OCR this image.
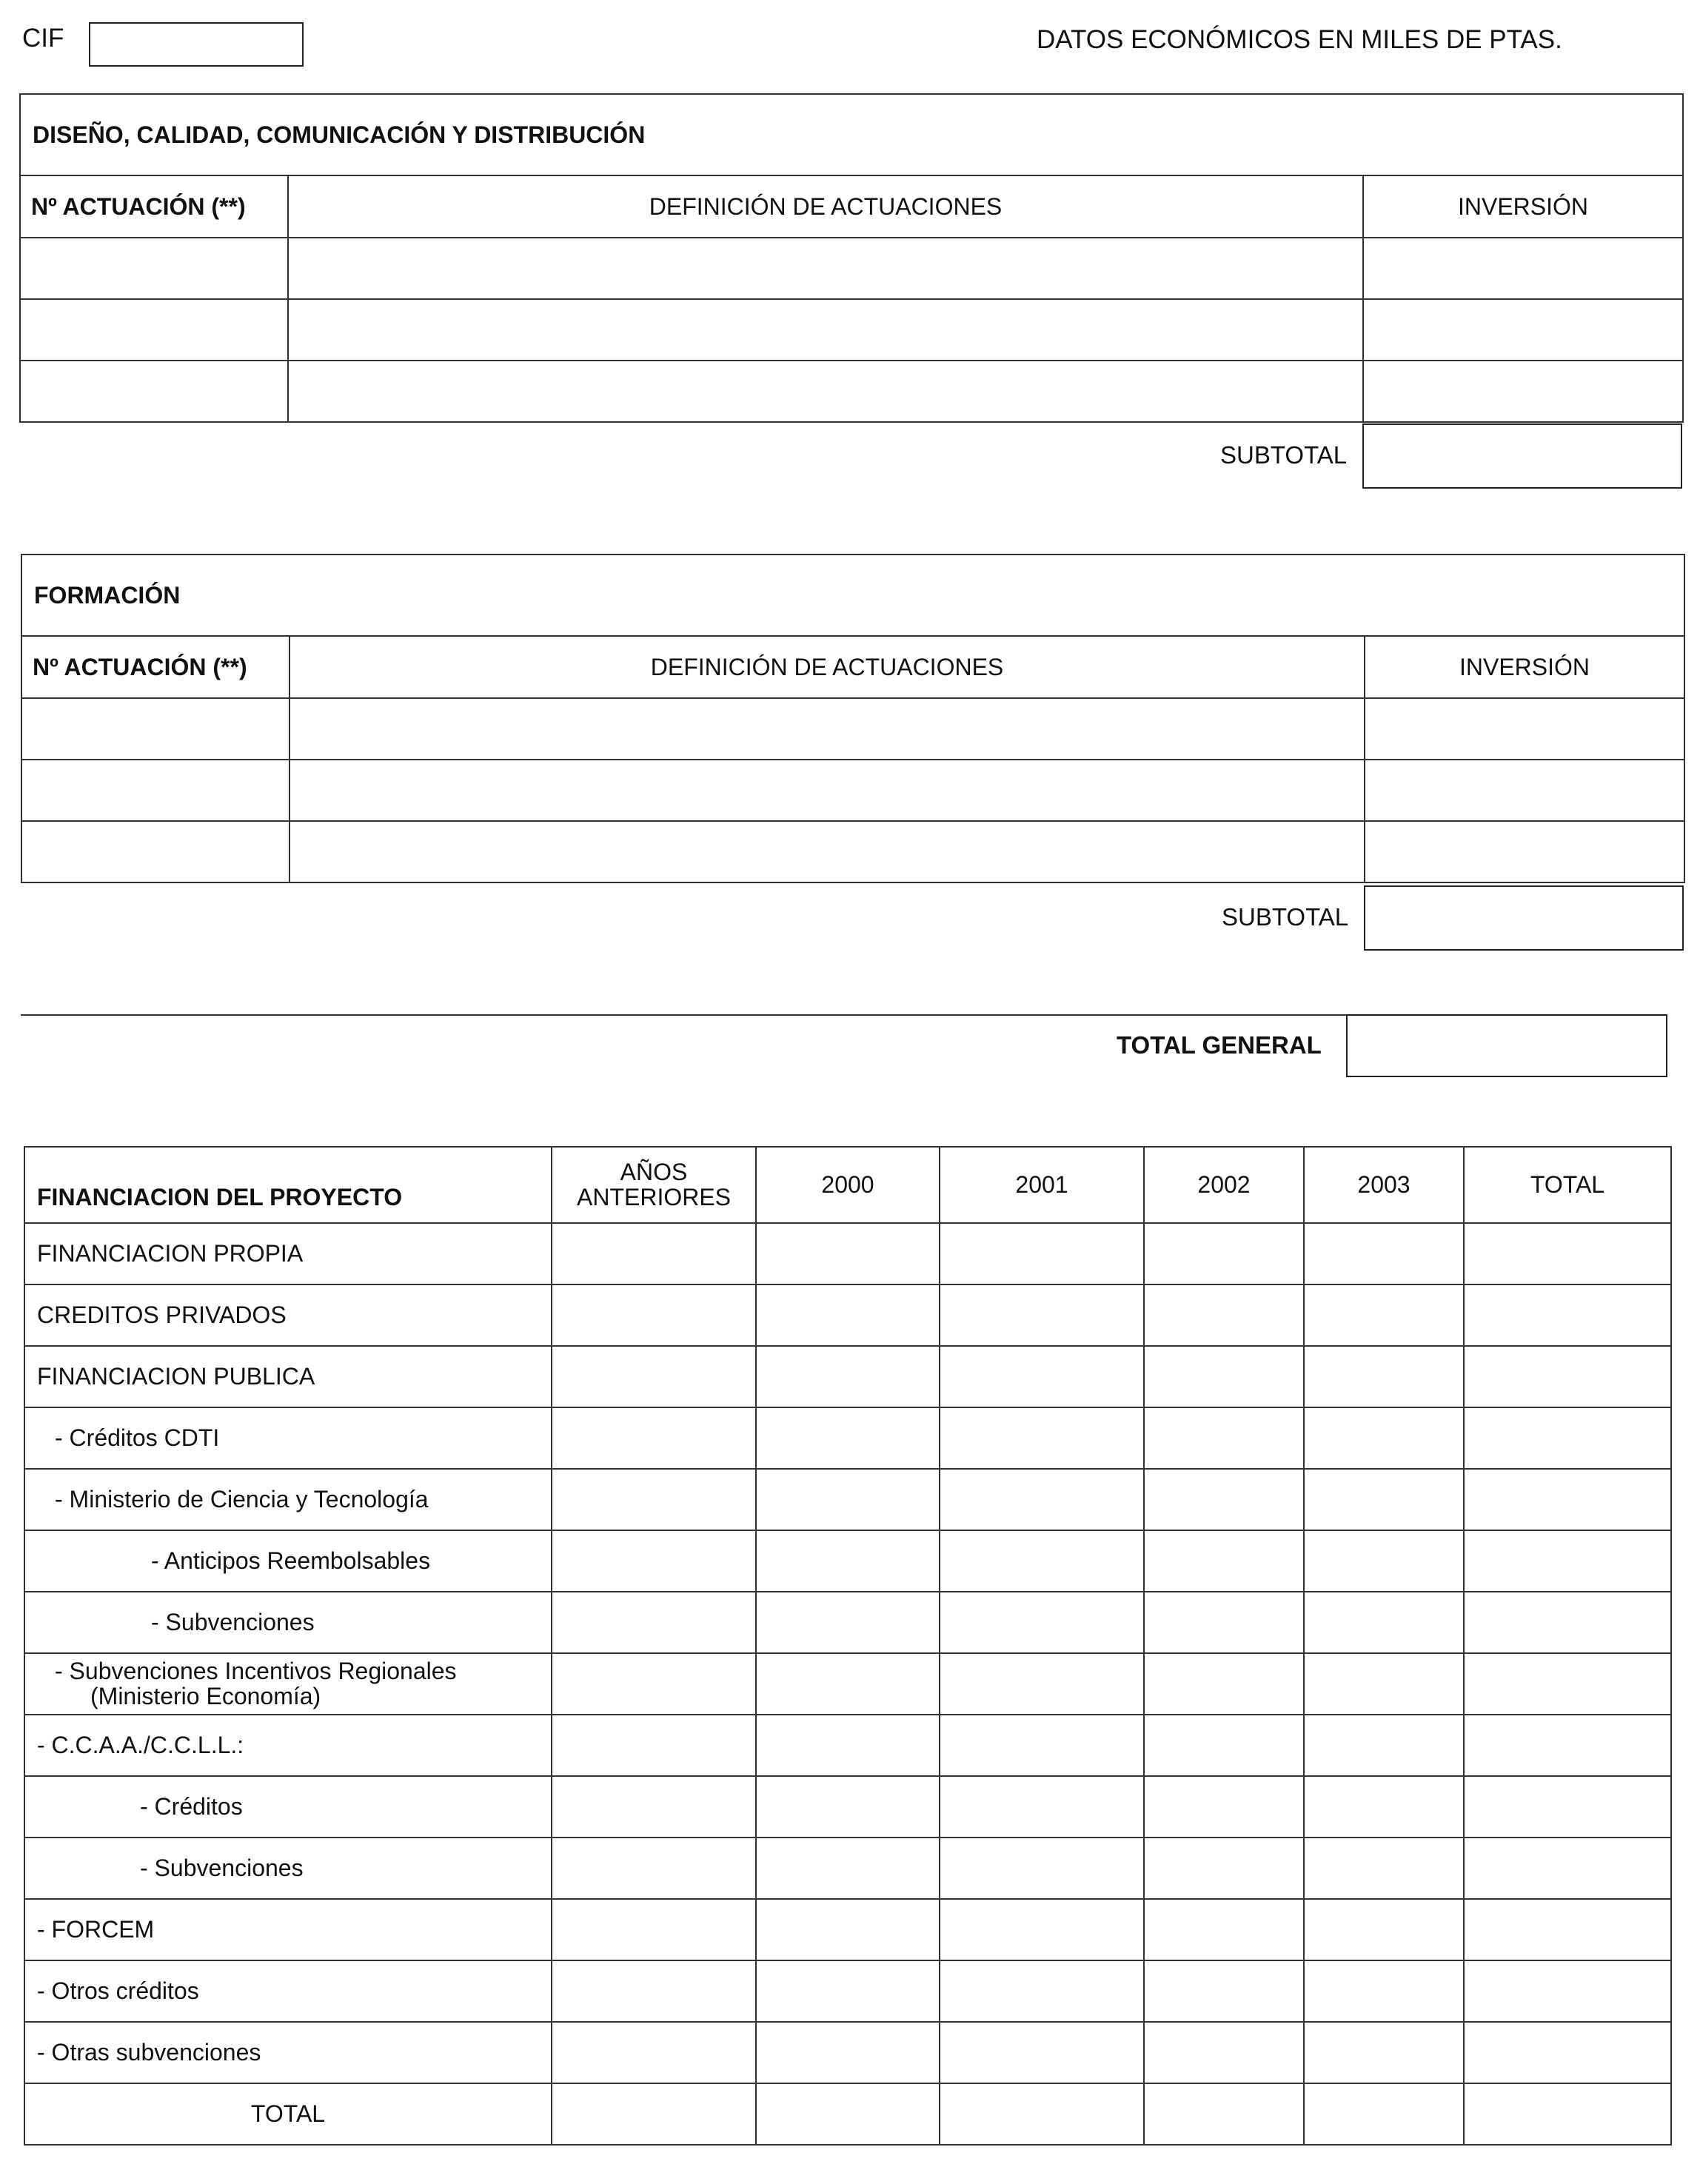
CIF	DATOS ECONÓMICOS EN MILES DE PTAS.
DISEÑO, CALIDAD, COMUNICACIÓN Y DISTRIBUCIÓN		
Nº ACTUACIÓN (**)	DEFINICIÓN DE ACTUACIONES	INVERSIÓN

SUBTOTAL
FORMACIÓN		
Nº ACTUACIÓN (**)	DEFINICIÓN DE ACTUACIONES	INVERSIÓN

SUBTOTAL
TOTAL GENERAL
FINANCIACION DEL PROYECTO	AÑOS ANTERIORES	2000	2001	2002	2003	TOTAL
FINANCIACION PROPIA						
CREDITOS PRIVADOS						
FINANCIACION PUBLICA						
- Créditos CDTI						
- Ministerio de Ciencia y Tecnología						
- Anticipos Reembolsables						
- Subvenciones						

- Subvenciones Incentivos Regionales
(Ministerio Economía)						

- C.C.A.A./C.C.L.L.:						
- Créditos						
- Subvenciones						
- FORCEM						
- Otros créditos						
- Otras subvenciones						
TOTAL						
